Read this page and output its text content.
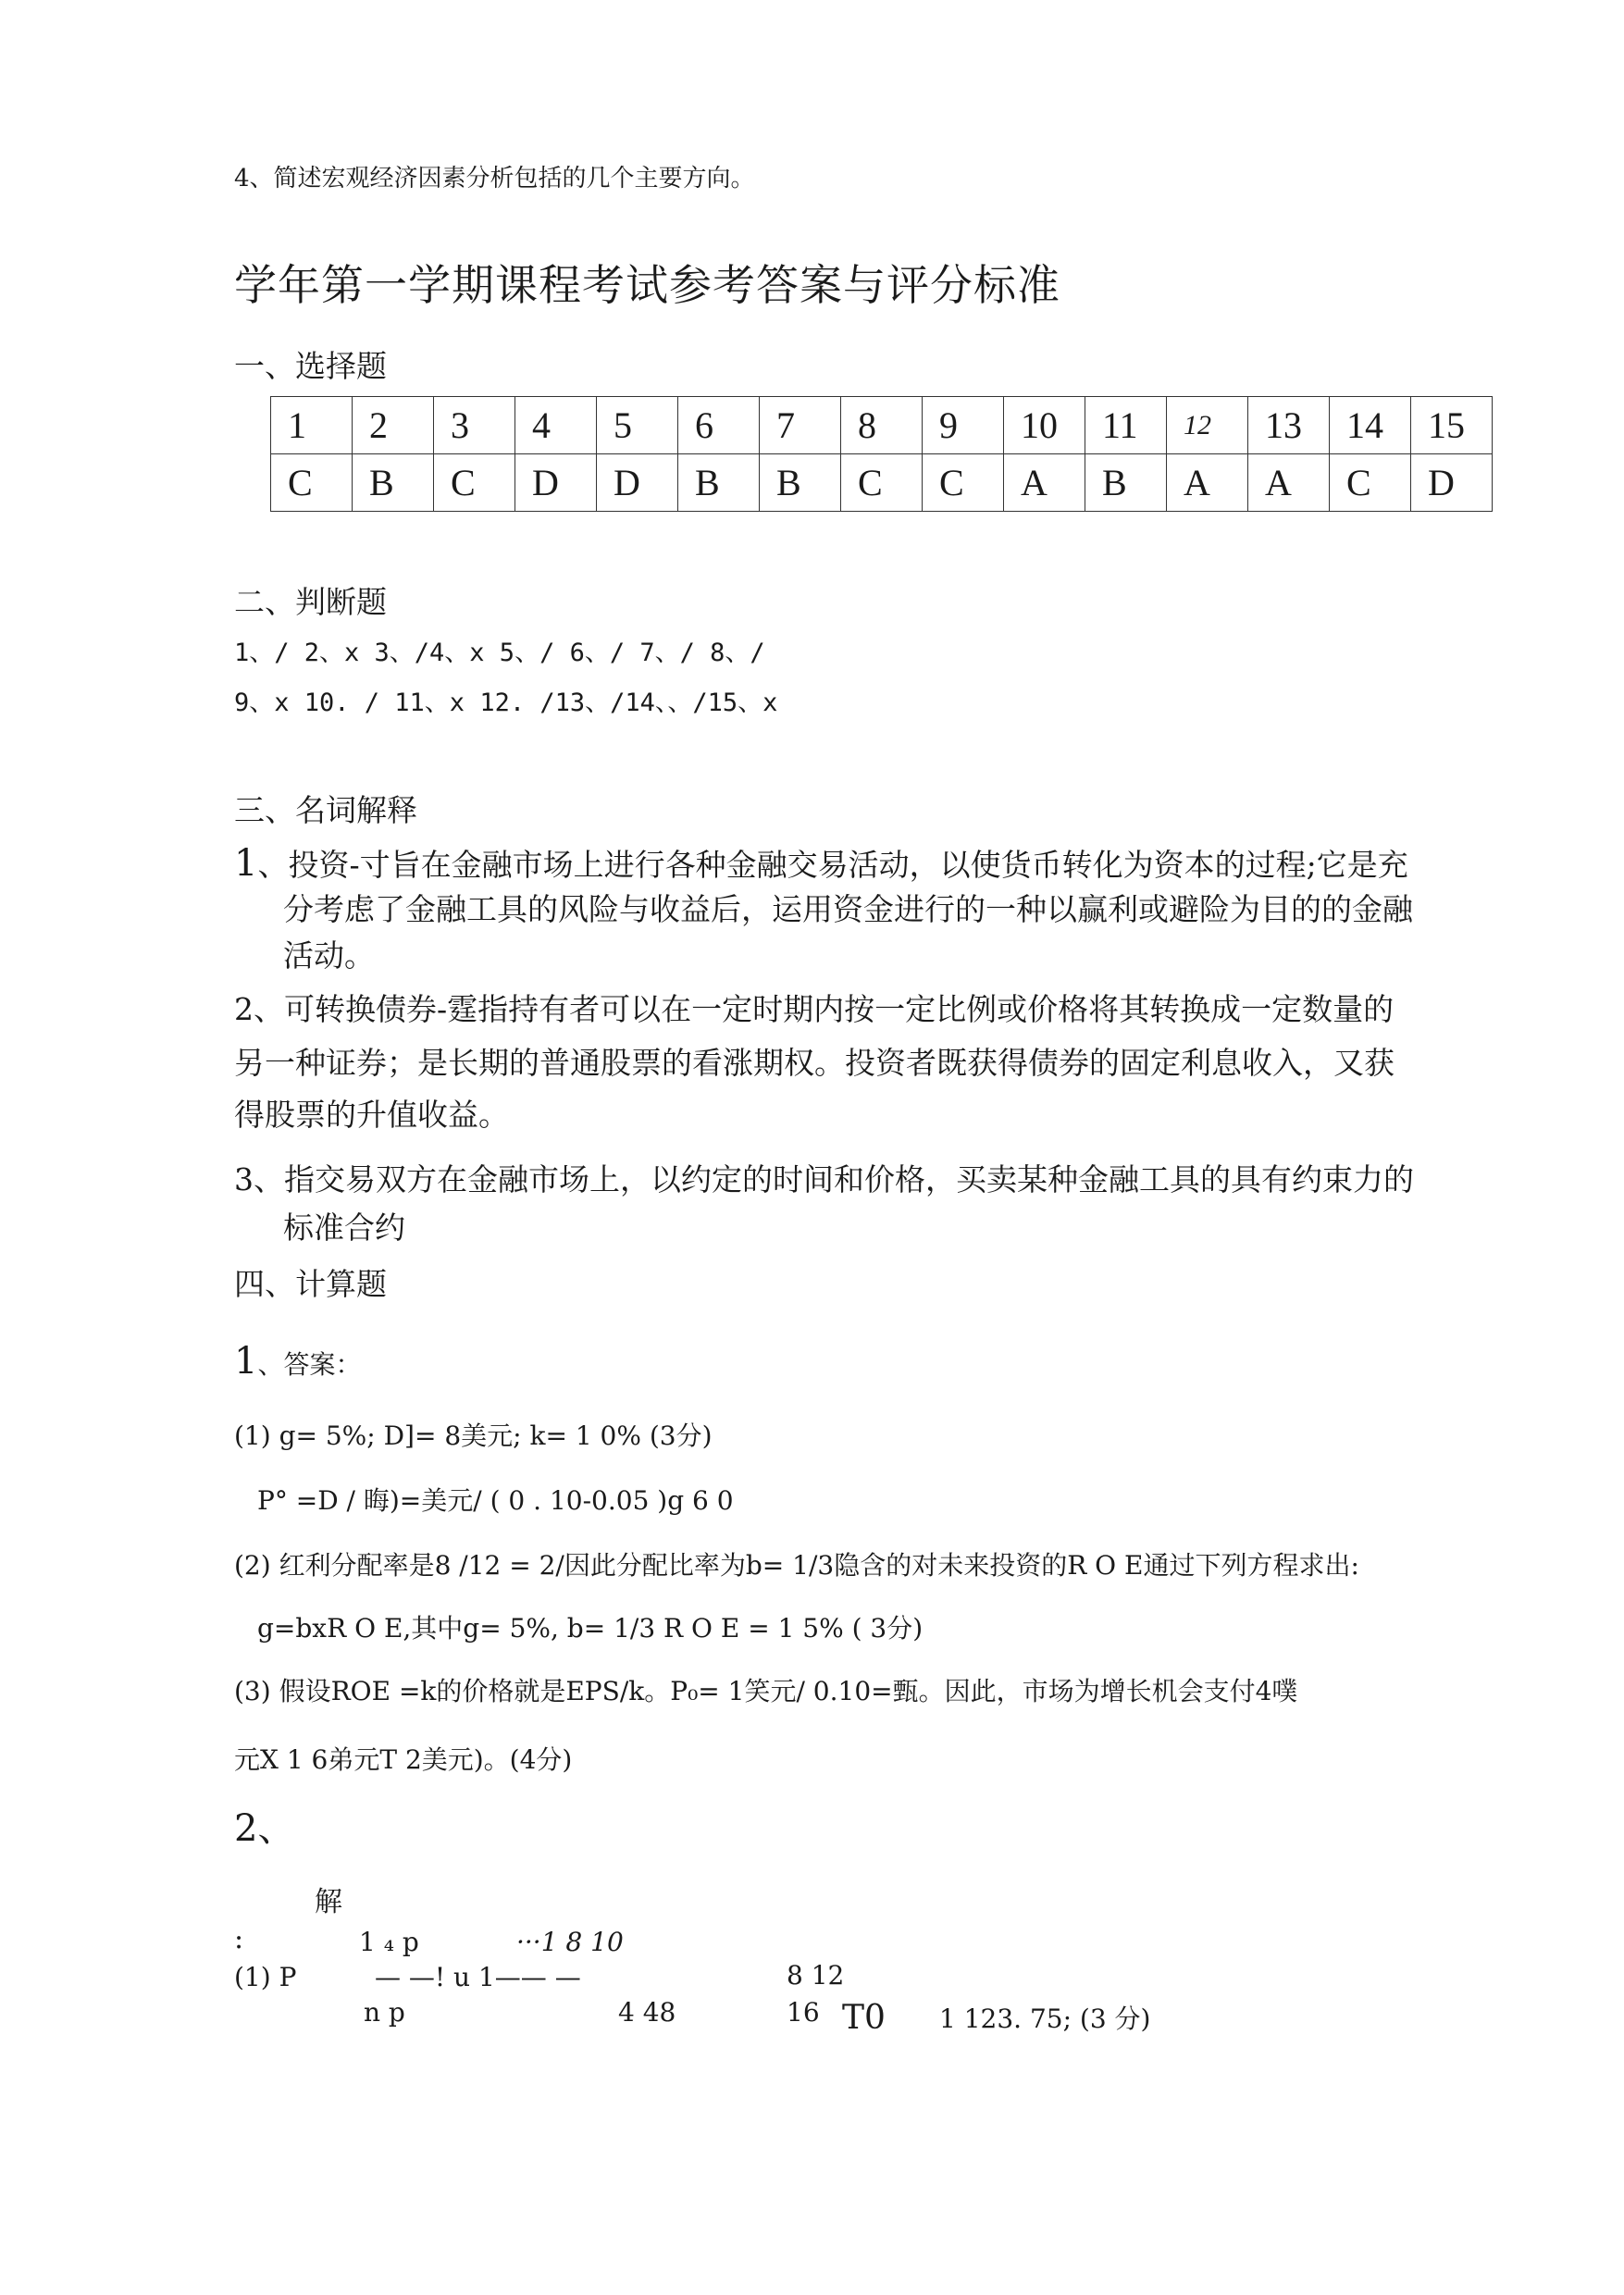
4、简述宏观经济因素分析包括的几个主要方向。
学年第一学期课程考试参考答案与评分标准
一、选择题
1	2	3	4	5	6	7	8	9	10	11	12	13	14	15
C	B	C	D	D	B	B	C	C	A	B	A	A	C	D
二、判断题
1、/ 2、x 3、/4、x 5、/ 6、/ 7、/ 8、/
9、x 10. / 11、x 12. /13、/14、、/15、x
三、名词解释
1、投资-寸旨在金融市场上进行各种金融交易活动，以使货币转化为资本的过程;它是充
分考虑了金融工具的风险与收益后，运用资金进行的一种以赢利或避险为目的的金融
活动。
2、可转换债券-霆指持有者可以在一定时期内按一定比例或价格将其转换成一定数量的
另一种证券；是长期的普通股票的看涨期权。投资者既获得债券的固定利息收入，又获
得股票的升值收益。
3、指交易双方在金融市场上，以约定的时间和价格，买卖某种金融工具的具有约束力的
标准合约
四、计算题
1、答案：
(1) g= 5%; D]= 8美元; k= 1 0% (3分)
P° =D / 晦)=美元/ ( 0 . 10-0.05 )g 6 0
(2) 红利分配率是8 /12 = 2/因此分配比率为b= 1/3隐含的对未来投资的R O E通过下列方程求出:
g=bxR O E,其中g= 5%, b= 1/3 R O E = 1 5% ( 3分)
(3) 假设ROE =k的价格就是EPS/k。P₀= 1笑元/ 0.10=甄。因此，市场为增长机会支付4噗
元X 1 6弟元T 2美元)。(4分)
2、
解
:	1 ₄ p	···1 8 10
(1) P	— —! u 1—— —
n p	4 48
8 12
16 T0 1 123. 75; (3 分)
